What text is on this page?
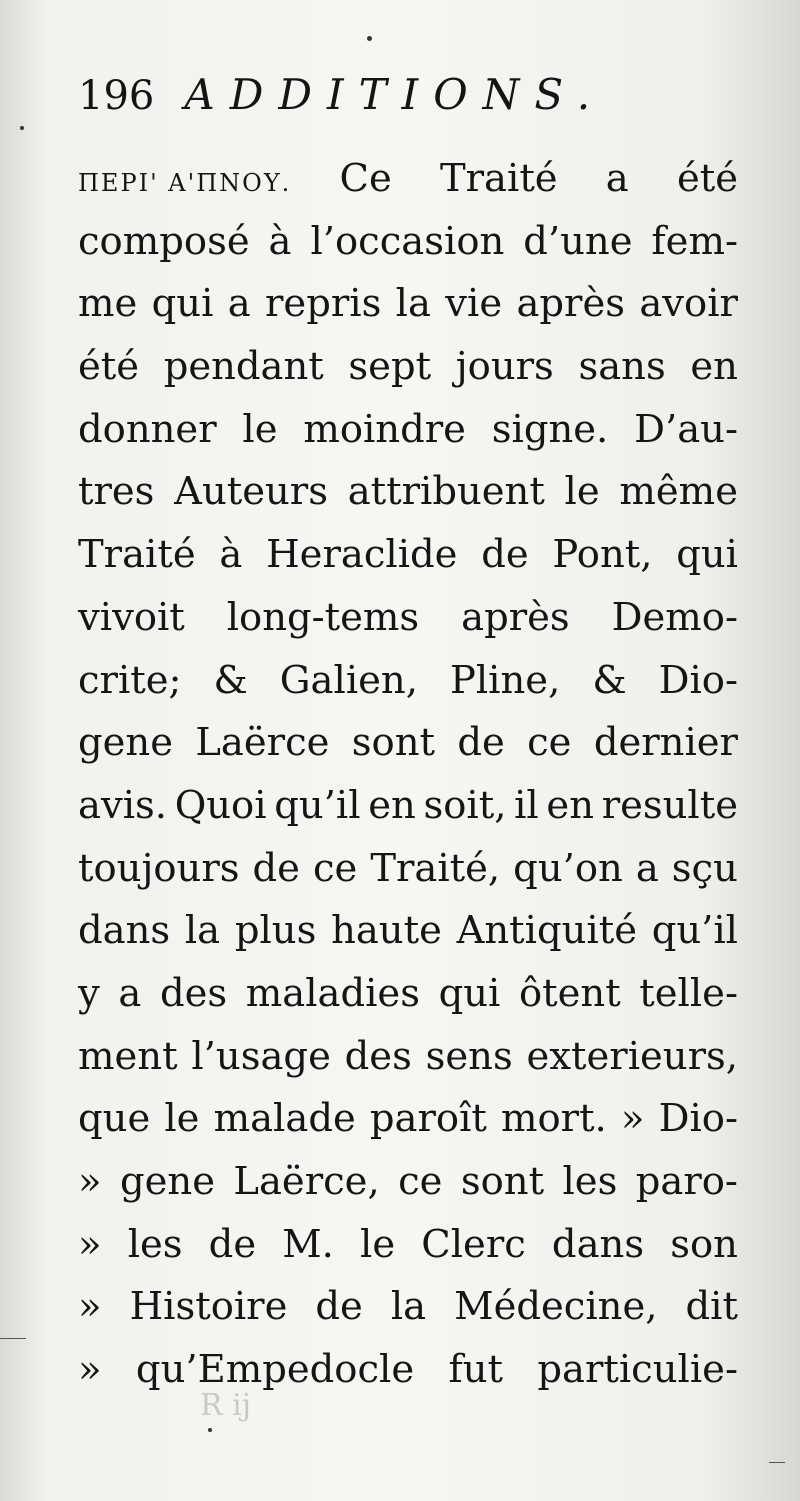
196 ADDITIONS.
ΠΕΡΙ' Α'ΠΝΟΥ. Ce Traité a été
composé à l’occasion d’une fem-
me qui a repris la vie après avoir
été pendant sept jours sans en
donner le moindre signe. D’au-
tres Auteurs attribuent le même
Traité à Heraclide de Pont, qui
vivoit long-tems après Demo-
crite; & Galien, Pline, & Dio-
gene Laërce sont de ce dernier
avis. Quoi qu’il en soit, il en resulte
toujours de ce Traité, qu’on a sçu
dans la plus haute Antiquité qu’il
y a des maladies qui ôtent telle-
ment l’usage des sens exterieurs,
que le malade paroît mort. » Dio-
» gene Laërce, ce sont les paro-
» les de M. le Clerc dans son
» Histoire de la Médecine, dit
» qu’Empedocle fut particulie-
R ij
